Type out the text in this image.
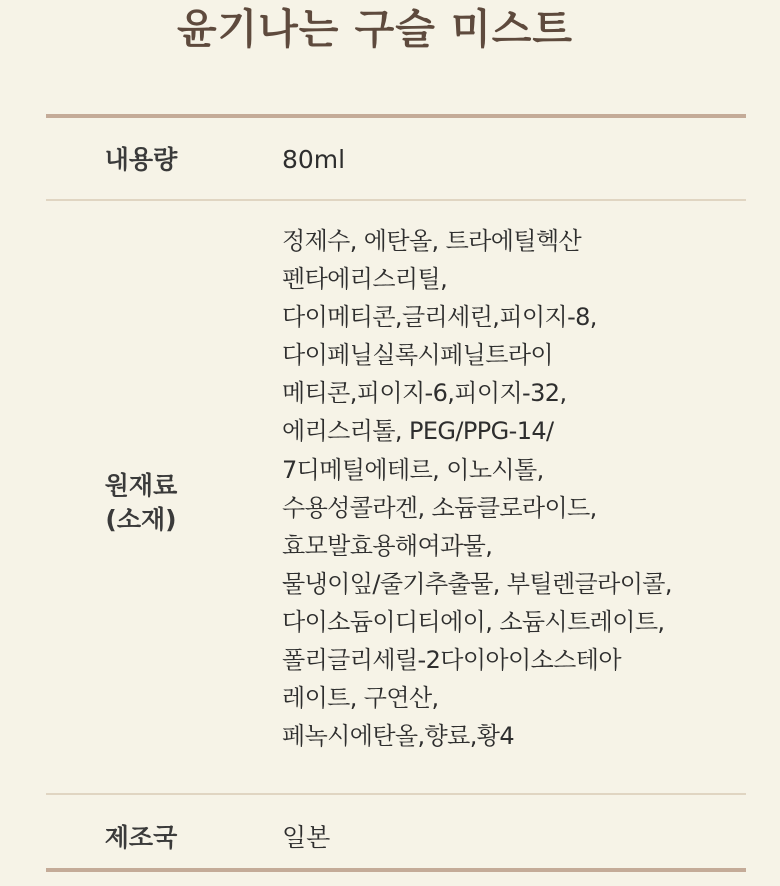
윤기나는 구슬 미스트
내용량	80ml
원재료
(소재)
정제수, 에탄올, 트라에틸헥산
펜타에리스리틸,
다이메티콘,글리세린,피이지-8,
다이페닐실록시페닐트라이
메티콘,피이지-6,피이지-32,
에리스리톨, PEG/PPG-14/
7디메틸에테르, 이노시톨,
수용성콜라겐, 소듐클로라이드,
효모발효용해여과물,
물냉이잎/줄기추출물, 부틸렌글라이콜,
다이소듐이디티에이, 소듐시트레이트,
폴리글리세릴-2다이아이소스테아
레이트, 구연산,
페녹시에탄올,향료,황4
제조국	일본
